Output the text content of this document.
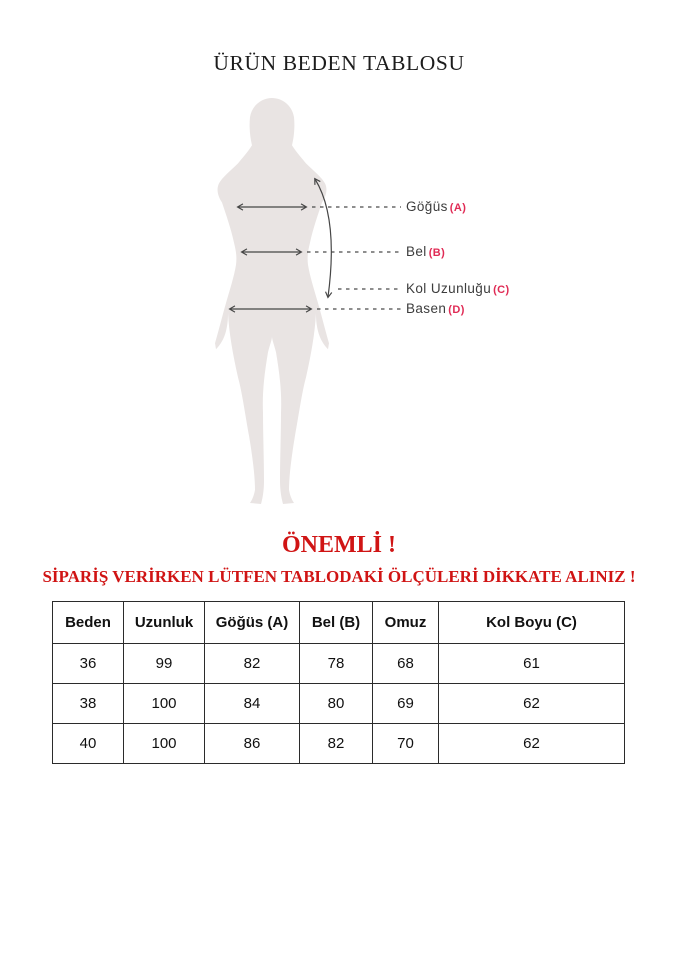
ÜRÜN BEDEN TABLOSU
Göğüs (A)
Bel (B)
Kol Uzunluğu (C)
Basen (D)
ÖNEMLİ !
SİPARİŞ VERİRKEN LÜTFEN TABLODAKİ ÖLÇÜLERİ DİKKATE ALINIZ !
Beden	Uzunluk	Göğüs (A)	Bel (B)	Omuz	Kol Boyu (C)
36	99	82	78	68	61
38	100	84	80	69	62
40	100	86	82	70	62
